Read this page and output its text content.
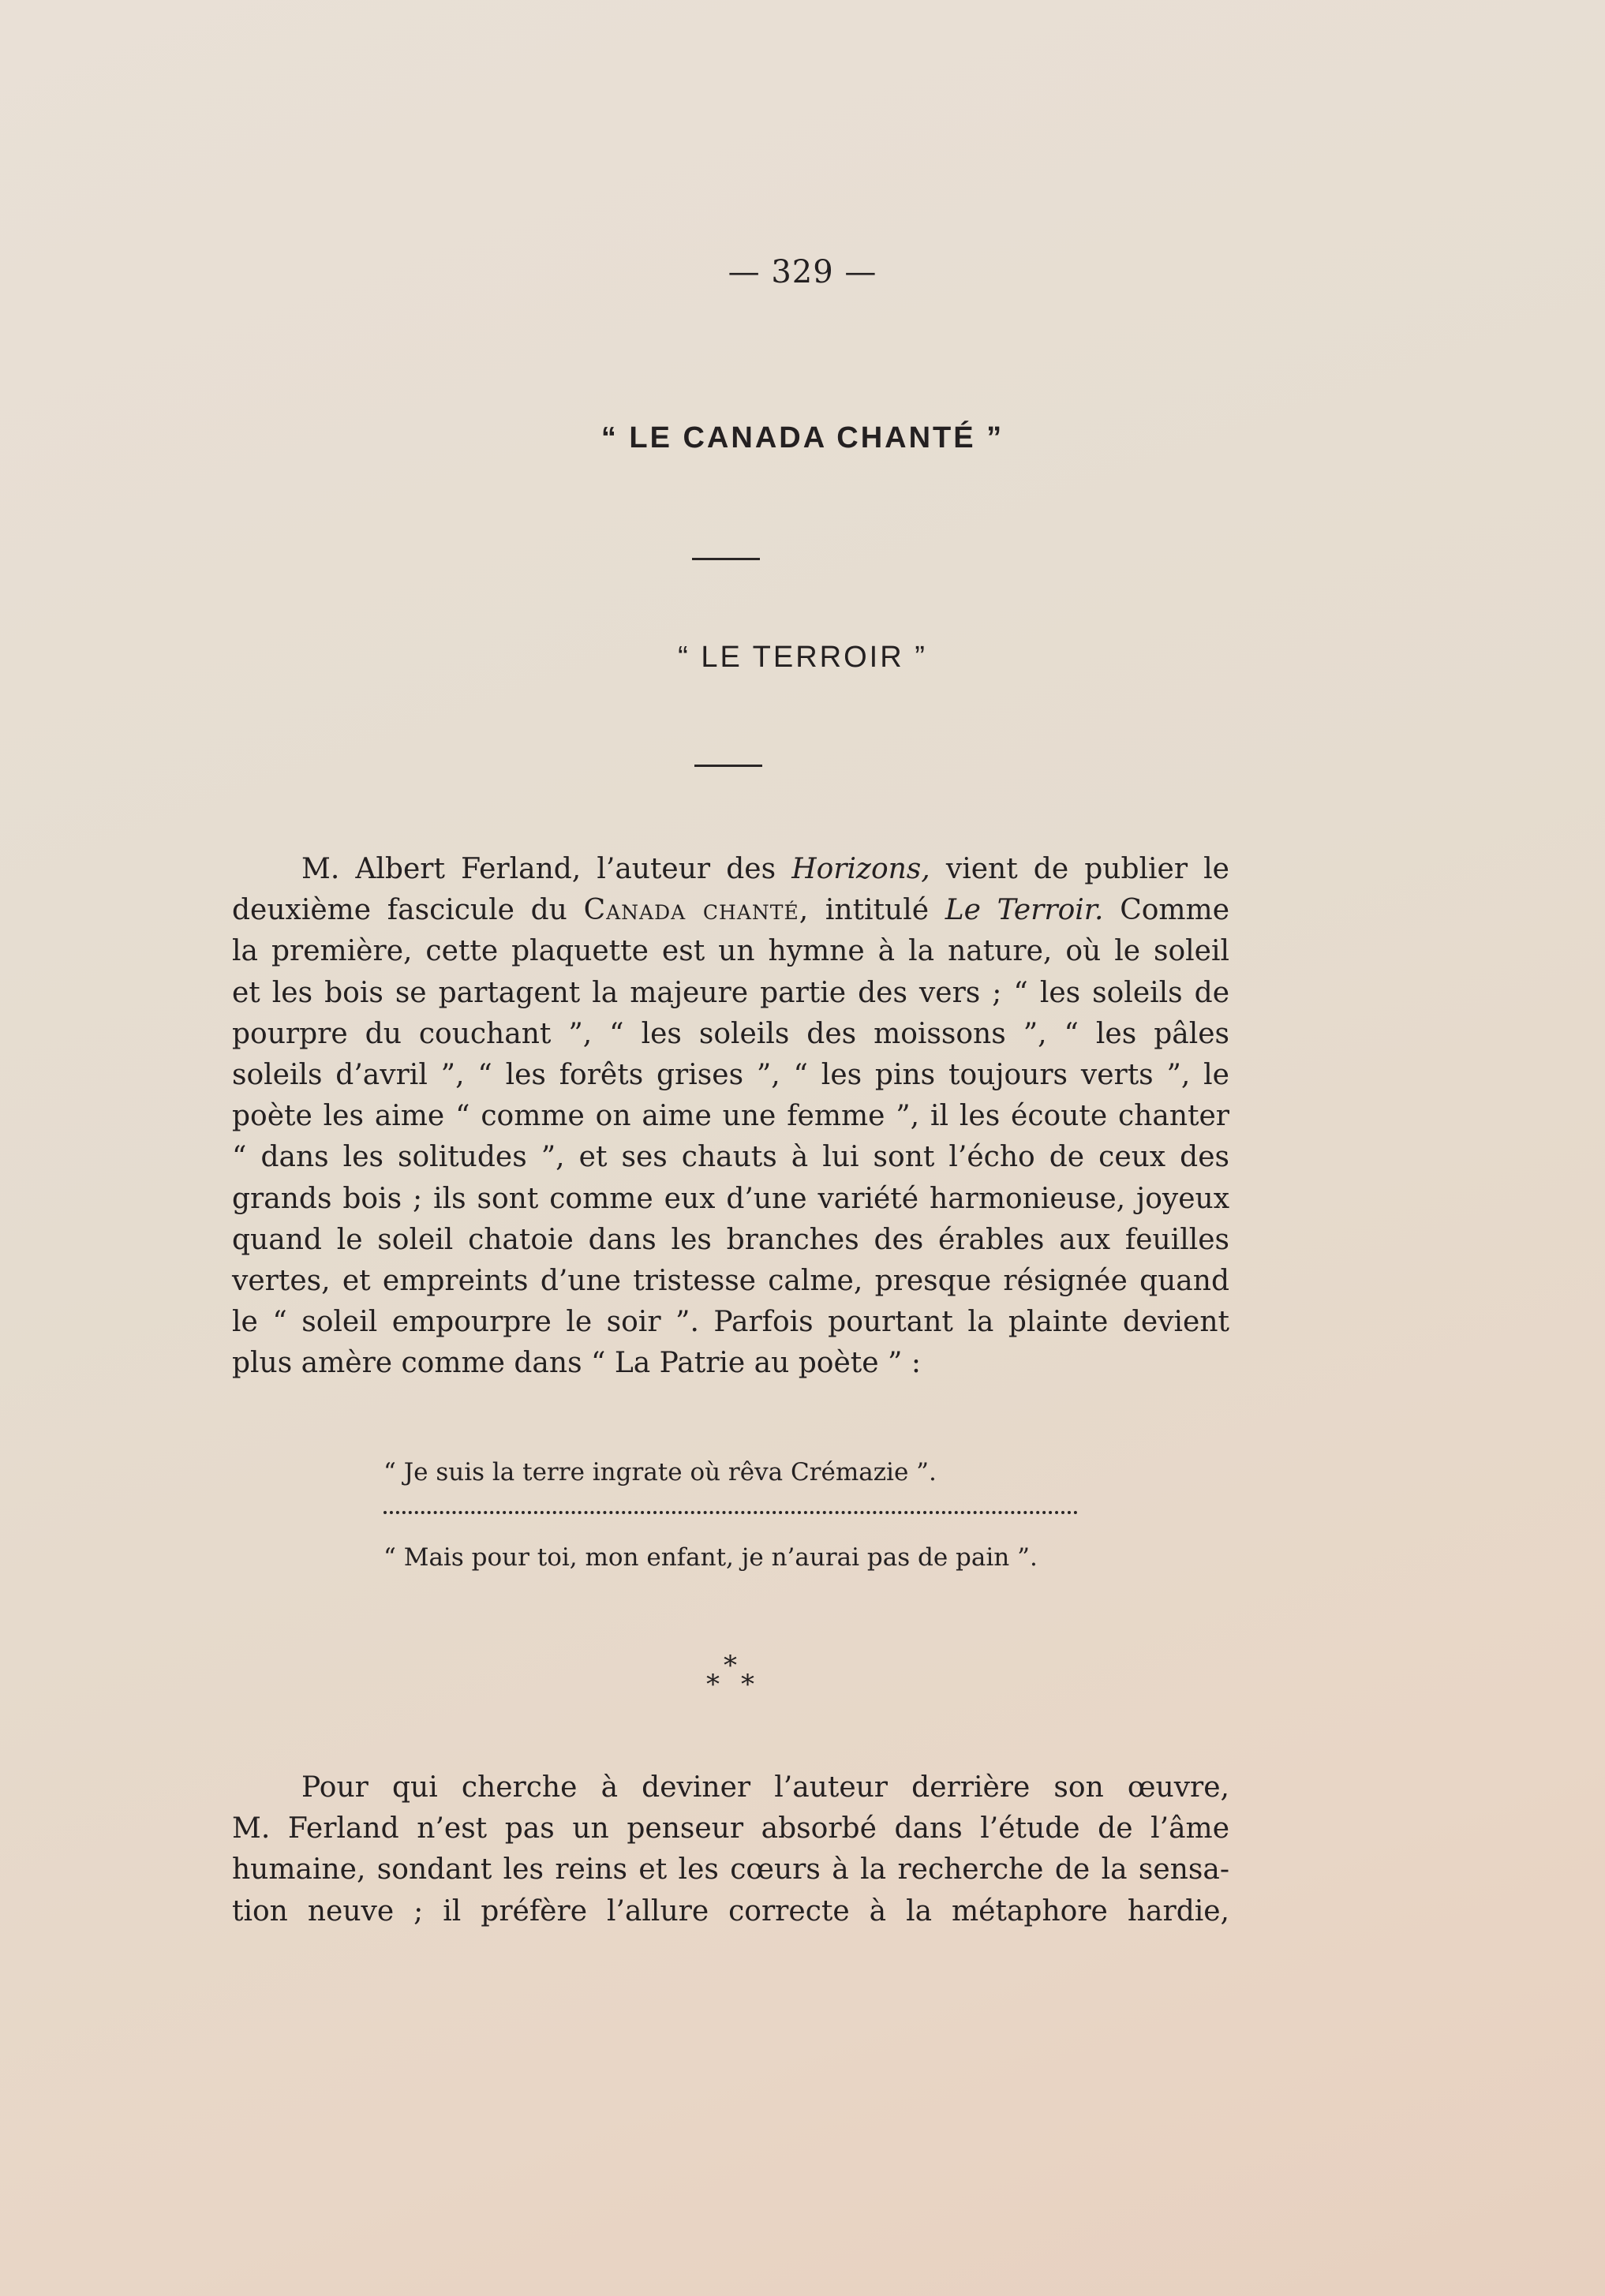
— 329 —
“ LE CANADA CHANTÉ ”
“ LE TERROIR ”
M. Albert Ferland, l’auteur des Horizons, vient de publier le
deuxième fascicule du Canada chanté, intitulé Le Terroir. Comme
la première, cette plaquette est un hymne à la nature, où le soleil
et les bois se partagent la majeure partie des vers ; “ les soleils de
pourpre du couchant ”, “ les soleils des moissons ”, “ les pâles
soleils d’avril ”, “ les forêts grises ”, “ les pins toujours verts ”, le
poète les aime “ comme on aime une femme ”, il les écoute chanter
“ dans les solitudes ”, et ses chauts à lui sont l’écho de ceux des
grands bois ; ils sont comme eux d’une variété harmonieuse, joyeux
quand le soleil chatoie dans les branches des érables aux feuilles
vertes, et empreints d’une tristesse calme, presque résignée quand
le “ soleil empourpre le soir ”. Parfois pourtant la plainte devient
plus amère comme dans “ La Patrie au poète ” :
“ Je suis la terre ingrate où rêva Crémazie ”.
“ Mais pour toi, mon enfant, je n’aurai pas de pain ”.
*
* *
Pour qui cherche à deviner l’auteur derrière son œuvre,
M. Ferland n’est pas un penseur absorbé dans l’étude de l’âme
humaine, sondant les reins et les cœurs à la recherche de la sensa-
tion neuve ; il préfère l’allure correcte à la métaphore hardie,
